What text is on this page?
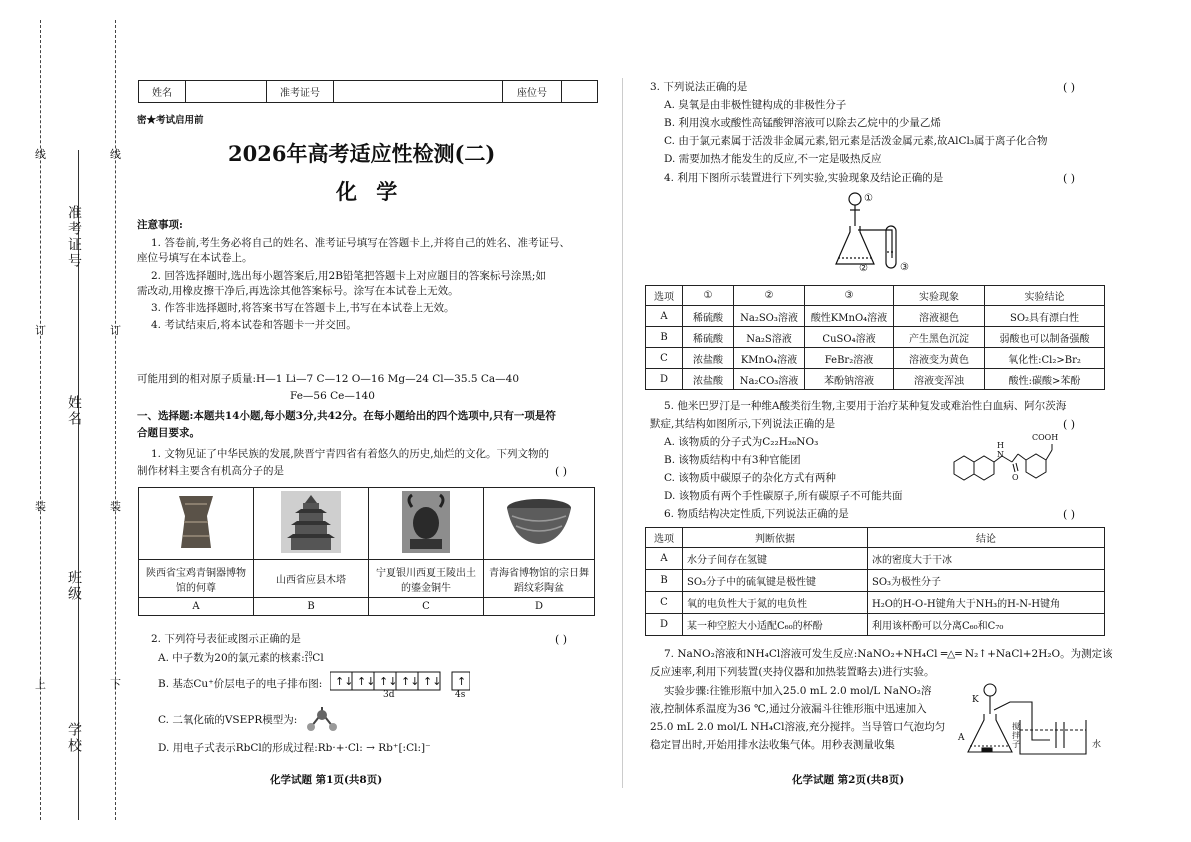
线
订
装
上	下
线
订
装
准考证号
姓名
班级
学校
姓名		准考证号		座位号	
密★考试启用前
2026年高考适应性检测(二)
化 学
注意事项:
1. 答卷前,考生务必将自己的姓名、准考证号填写在答题卡上,并将自己的姓名、准考证号、
座位号填写在本试卷上。
2. 回答选择题时,选出每小题答案后,用2B铅笔把答题卡上对应题目的答案标号涂黑;如
需改动,用橡皮擦干净后,再选涂其他答案标号。涂写在本试卷上无效。
3. 作答非选择题时,将答案书写在答题卡上,书写在本试卷上无效。
4. 考试结束后,将本试卷和答题卡一并交回。
可能用到的相对原子质量:H—1 Li—7 C—12 O—16 Mg—24 Cl—35.5 Ca—40
Fe—56 Ce—140
一、选择题:本题共14小题,每小题3分,共42分。在每小题给出的四个选项中,只有一项是符
合题目要求。
1. 文物见证了中华民族的发展,陕晋宁青四省有着悠久的历史,灿烂的文化。下列文物的
制作材料主要含有机高分子的是	( )

陕西省宝鸡青铜器博物馆的何尊	山西省应县木塔	宁夏银川西夏王陵出土的鎏金铜牛	青海省博物馆的宗日舞蹈纹彩陶盆
A	B	C	D
2. 下列符号表征或图示正确的是	( )
A. 中子数为20的氯元素的核素:20
17Cl
B. 基态Cu⁺价层电子的电子排布图: ↑↓ ↑↓ ↑↓ ↑↓ ↑↓ ↑
3d	4s
C. 二氧化硫的VSEPR模型为:
D. 用电子式表示RbCl的形成过程:Rb·+·Cl: → Rb⁺[:Cl:]⁻
化学试题 第1页(共8页)
3. 下列说法正确的是	( )
A. 臭氧是由非极性键构成的非极性分子
B. 利用溴水或酸性高锰酸钾溶液可以除去乙烷中的少量乙烯
C. 由于氯元素属于活泼非金属元素,铝元素是活泼金属元素,故AlCl₃属于离子化合物
D. 需要加热才能发生的反应,不一定是吸热反应
4. 利用下图所示装置进行下列实验,实验现象及结论正确的是	( )
①
②	③
选项	①	②	③	实验现象	实验结论
A	稀硫酸	Na₂SO₃溶液	酸性KMnO₄溶液	溶液褪色	SO₂具有漂白性
B	稀硫酸	Na₂S溶液	CuSO₄溶液	产生黑色沉淀	弱酸也可以制备强酸
C	浓盐酸	KMnO₄溶液	FeBr₂溶液	溶液变为黄色	氧化性:Cl₂>Br₂
D	浓盐酸	Na₂CO₃溶液	苯酚钠溶液	溶液变浑浊	酸性:碳酸>苯酚
5. 他米巴罗汀是一种维A酸类衍生物,主要用于治疗某种复发或难治性白血病、阿尔茨海
默症,其结构如图所示,下列说法正确的是	( )
A. 该物质的分子式为C₂₂H₂₆NO₃
B. 该物质结构中有3种官能团
C. 该物质中碳原子的杂化方式有两种
D. 该物质有两个手性碳原子,所有碳原子不可能共面
H
N
O
COOH
6. 物质结构决定性质,下列说法正确的是	( )
选项	判断依据	结论
A	水分子间存在氢键	冰的密度大于干冰
B	SO₃分子中的硫氧键是极性键	SO₃为极性分子
C	氧的电负性大于氮的电负性	H₂O的H-O-H键角大于NH₃的H-N-H键角
D	某一种空腔大小适配C₆₀的杯酚	利用该杯酚可以分离C₆₀和C₇₀
7. NaNO₂溶液和NH₄Cl溶液可发生反应:NaNO₂+NH₄Cl ═△═ N₂↑+NaCl+2H₂O。为测定该
反应速率,利用下列装置(夹持仪器和加热装置略去)进行实验。
实验步骤:往锥形瓶中加入25.0 mL 2.0 mol/L NaNO₂溶
液,控制体系温度为36 ℃,通过分液漏斗往锥形瓶中迅速加入
25.0 mL 2.0 mol/L NH₄Cl溶液,充分搅拌。当导管口气泡均匀
稳定冒出时,开始用排水法收集气体。用秒表测量收集
K
A
搅拌子	水
化学试题 第2页(共8页)
